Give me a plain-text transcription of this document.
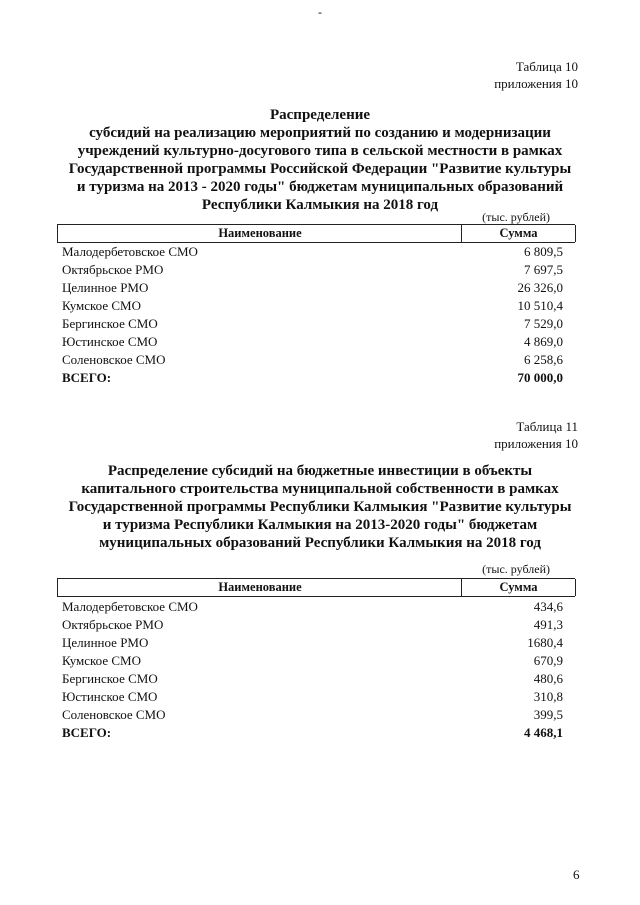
-
Таблица 10
приложения 10
Распределение
субсидий на реализацию мероприятий по созданию и модернизации
учреждений культурно-досугового типа в сельской местности в рамках
Государственной программы Российской Федерации "Развитие культуры
и туризма на 2013 - 2020 годы" бюджетам муниципальных образований
Республики Калмыкия на 2018 год
(тыс. рублей)
Наименование	Сумма
Малодербетовское СМО	6 809,5
Октябрьское РМО	7 697,5
Целинное РМО	26 326,0
Кумское СМО	10 510,4
Бергинское СМО	7 529,0
Юстинское СМО	4 869,0
Соленовское СМО	6 258,6
ВСЕГО:	70 000,0
Таблица 11
приложения 10
Распределение субсидий на бюджетные инвестиции в объекты
капитального строительства муниципальной собственности в рамках
Государственной программы Республики Калмыкия "Развитие культуры
и туризма Республики Калмыкия на 2013-2020 годы" бюджетам
муниципальных образований Республики Калмыкия на 2018 год
(тыс. рублей)
Наименование	Сумма
Малодербетовское СМО	434,6
Октябрьское РМО	491,3
Целинное РМО	1680,4
Кумское СМО	670,9
Бергинское СМО	480,6
Юстинское СМО	310,8
Соленовское СМО	399,5
ВСЕГО:	4 468,1
6
